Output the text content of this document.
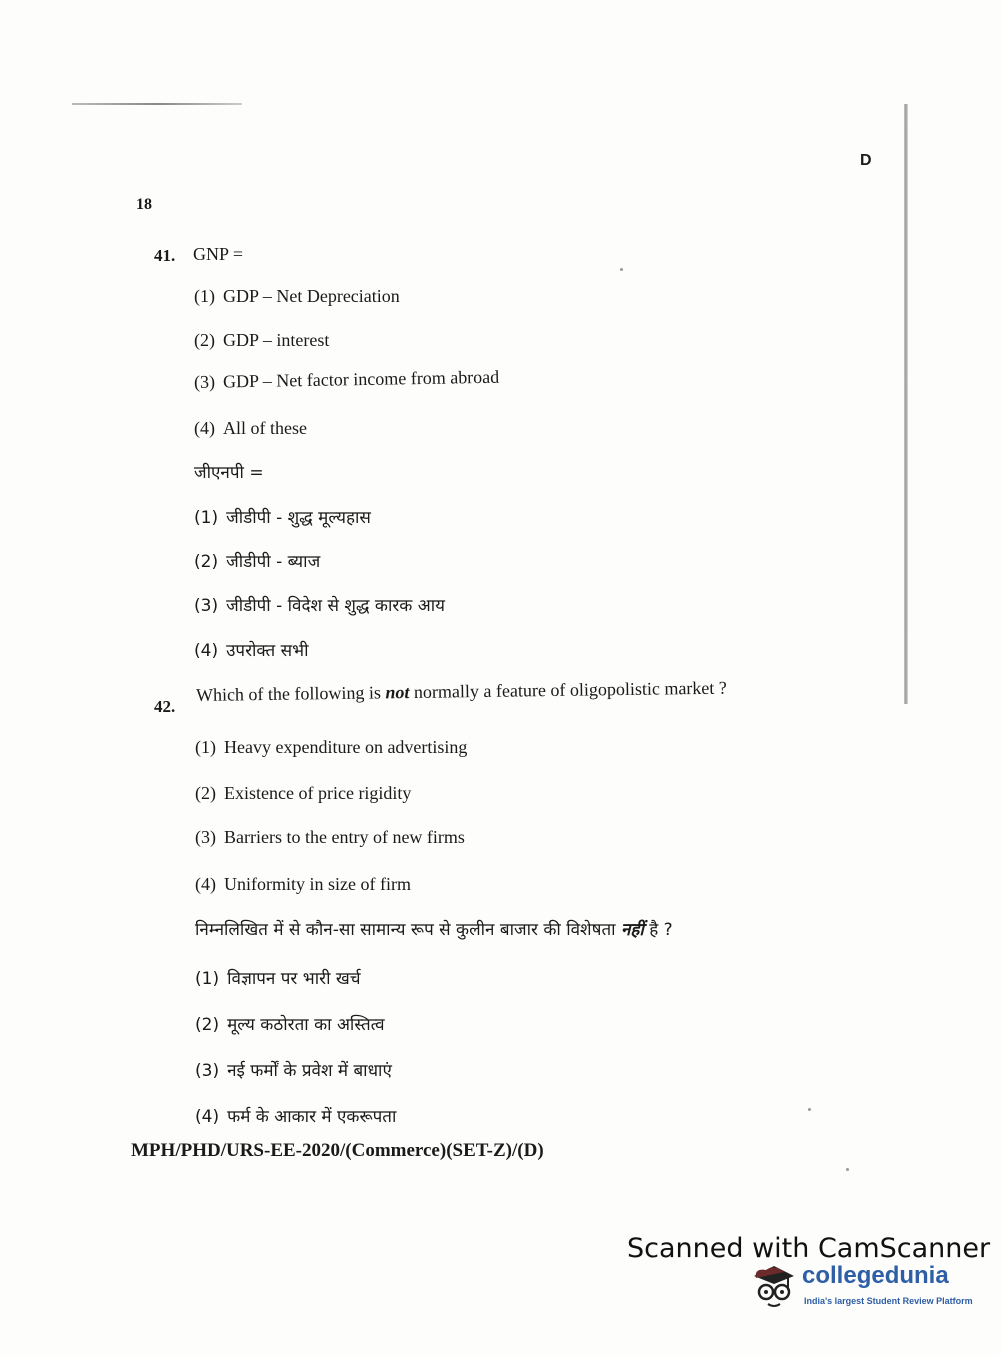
D
18
41. GNP =
(1) GDP – Net Depreciation
(2) GDP – interest
(3) GDP – Net factor income from abroad
(4) All of these
जीएनपी =
(1) जीडीपी - शुद्ध मूल्यहास
(2) जीडीपी - ब्याज
(3) जीडीपी - विदेश से शुद्ध कारक आय
(4) उपरोक्त सभी
42.
Which of the following is not normally a feature of oligopolistic market ?
(1) Heavy expenditure on advertising
(2) Existence of price rigidity
(3) Barriers to the entry of new firms
(4) Uniformity in size of firm
निम्नलिखित में से कौन-सा सामान्य रूप से कुलीन बाजार की विशेषता नहीं है ?
(1) विज्ञापन पर भारी खर्च
(2) मूल्य कठोरता का अस्तित्व
(3) नई फर्मों के प्रवेश में बाधाएं
(4) फर्म के आकार में एकरूपता
MPH/PHD/URS-EE-2020/(Commerce)(SET-Z)/(D)
Scanned with CamScanner
collegedunia
India's largest Student Review Platform
